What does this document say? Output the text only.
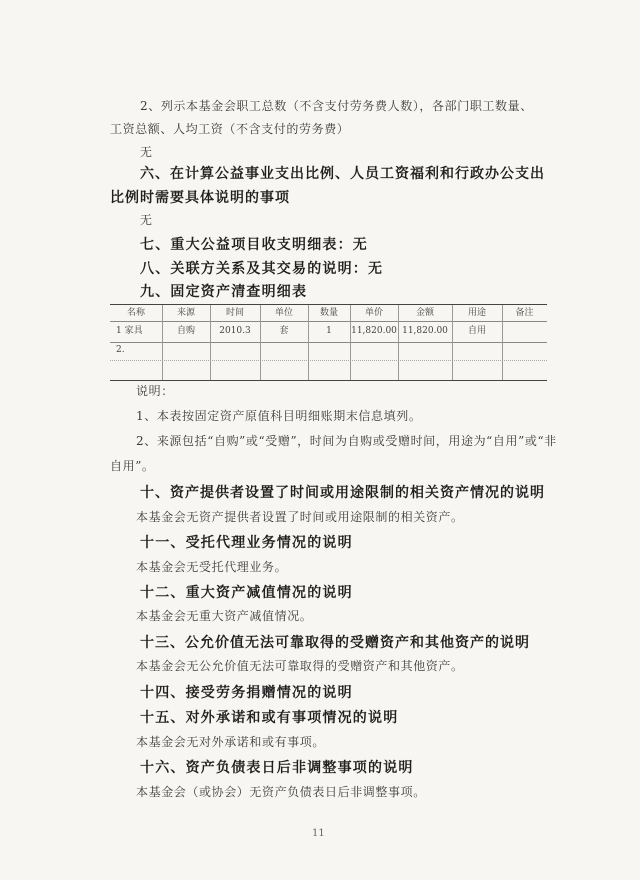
2、列示本基金会职工总数（不含支付劳务费人数），各部门职工数量、
工资总额、人均工资（不含支付的劳务费）
无
六、在计算公益事业支出比例、人员工资福利和行政办公支出
比例时需要具体说明的事项
无
七、重大公益项目收支明细表：无
八、关联方关系及其交易的说明：无
九、固定资产清查明细表
名称	来源	时间	单位	数量	单价	金额	用途	备注
1 家具	自购	2010.3	套	1	11,820.00 11,820.00	自用
2.
说明：
1、本表按固定资产原值科目明细账期末信息填列。
2、来源包括“自购”或“受赠”，时间为自购或受赠时间，用途为“自用”或“非
自用”。
十、资产提供者设置了时间或用途限制的相关资产情况的说明
本基金会无资产提供者设置了时间或用途限制的相关资产。
十一、受托代理业务情况的说明
本基金会无受托代理业务。
十二、重大资产减值情况的说明
本基金会无重大资产减值情况。
十三、公允价值无法可靠取得的受赠资产和其他资产的说明
本基金会无公允价值无法可靠取得的受赠资产和其他资产。
十四、接受劳务捐赠情况的说明
十五、对外承诺和或有事项情况的说明
本基金会无对外承诺和或有事项。
十六、资产负债表日后非调整事项的说明
本基金会（或协会）无资产负债表日后非调整事项。
11
